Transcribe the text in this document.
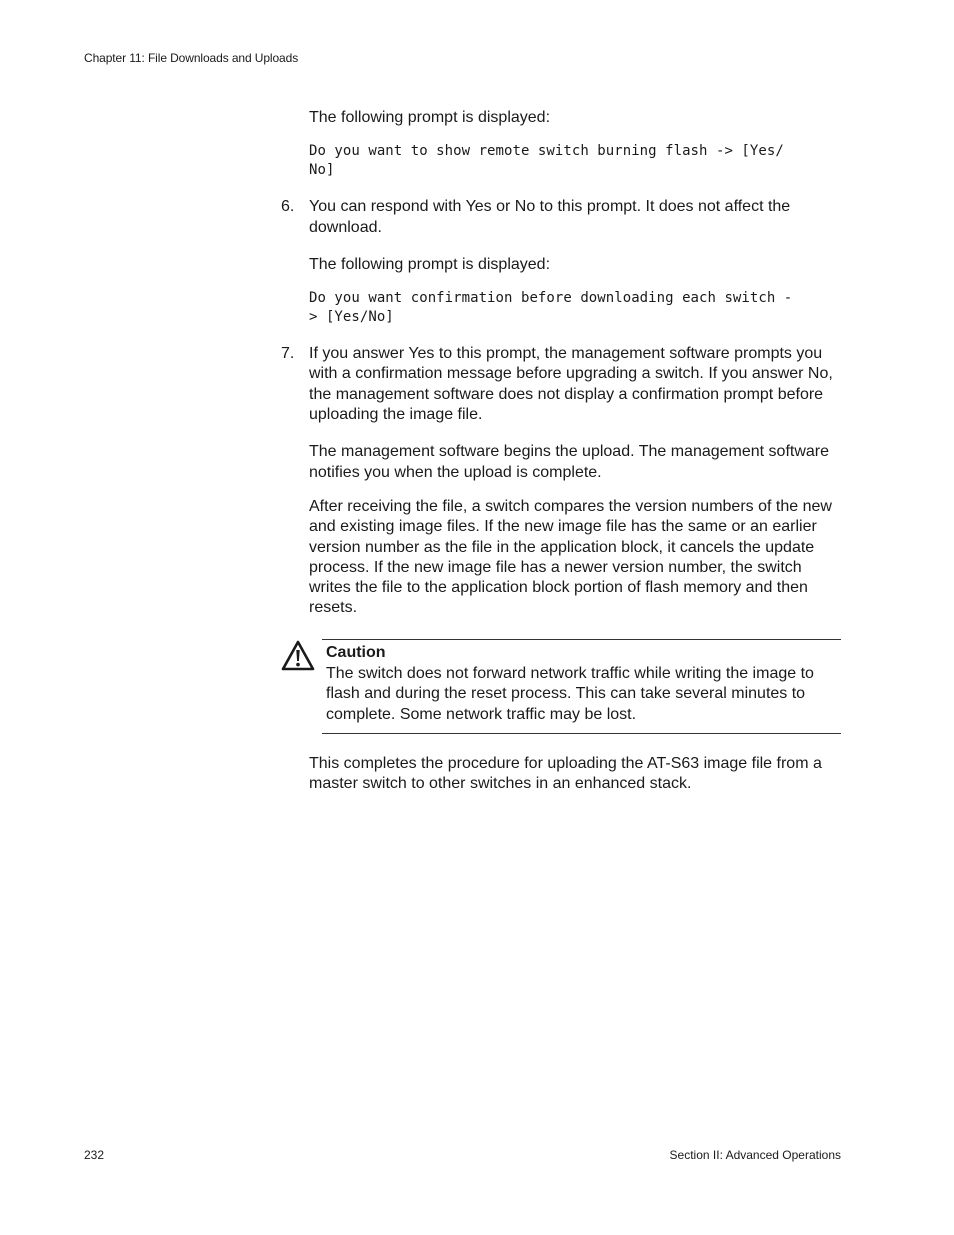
Chapter 11: File Downloads and Uploads

The following prompt is displayed:

Do you want to show remote switch burning flash -> [Yes/
No]
6. You can respond with Yes or No to this prompt. It does not affect the download.

The following prompt is displayed:

Do you want confirmation before downloading each switch -
> [Yes/No]
7. If you answer Yes to this prompt, the management software prompts you with a confirmation message before upgrading a switch. If you answer No, the management software does not display a confirmation prompt before uploading the image file.

The management software begins the upload. The management software notifies you when the upload is complete.

After receiving the file, a switch compares the version numbers of the new and existing image files. If the new image file has the same or an earlier version number as the file in the application block, it cancels the update process. If the new image file has a newer version number, the switch writes the file to the application block portion of flash memory and then resets.

Caution
The switch does not forward network traffic while writing the image to flash and during the reset process. This can take several minutes to complete. Some network traffic may be lost.

This completes the procedure for uploading the AT-S63 image file from a master switch to other switches in an enhanced stack.

232	Section II: Advanced Operations
